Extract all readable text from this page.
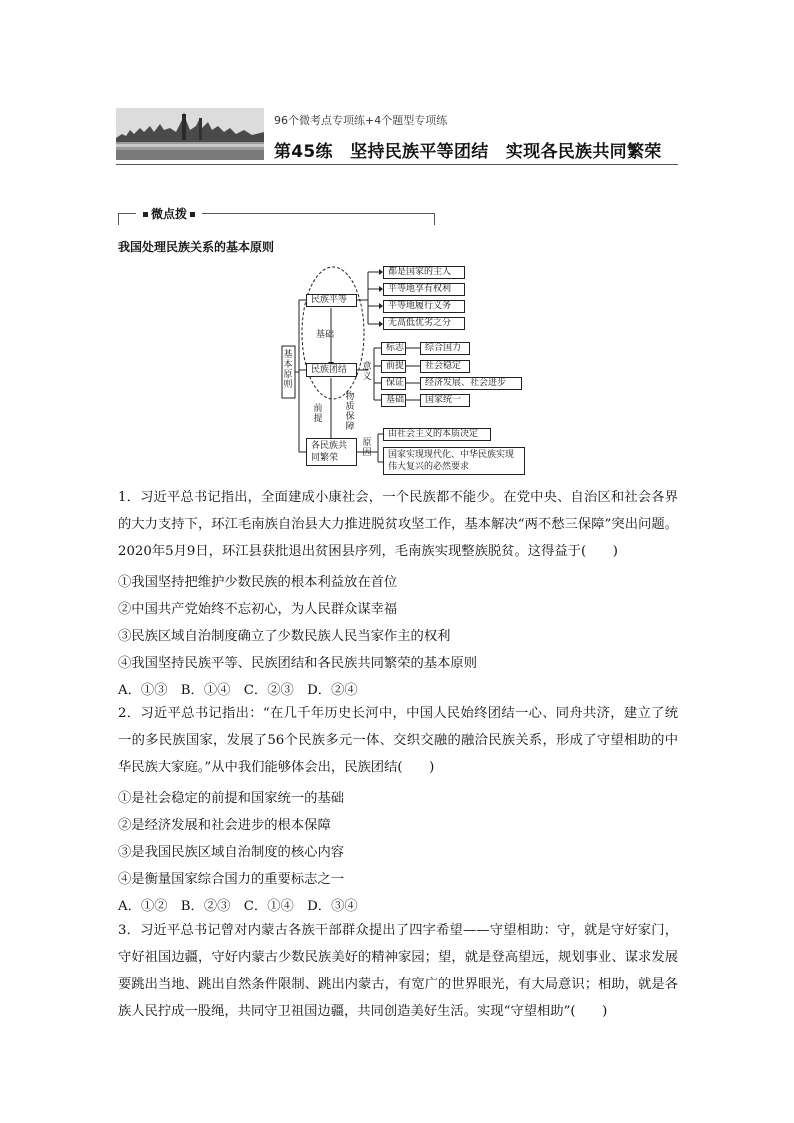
96个微考点专项练+4个题型专项练
第45练　坚持民族平等团结　实现各民族共同繁荣
微点拨
我国处理民族关系的基本原则
基本原则
民族平等
基础
民族团结
都是国家的主人
平等地享有权利
平等地履行义务
无高低优劣之分
意义
标志
前提
保证
基础
综合国力
社会稳定
经济发展、社会进步
国家统一
前提
物质保障
各民族共同繁荣
原因
由社会主义的本质决定
国家实现现代化、中华民族实现伟大复兴的必然要求
1．习近平总书记指出，全面建成小康社会，一个民族都不能少。在党中央、自治区和社会各界的大力支持下，环江毛南族自治县大力推进脱贫攻坚工作，基本解决“两不愁三保障”突出问题。2020年5月9日，环江县获批退出贫困县序列，毛南族实现整族脱贫。这得益于(　　)
①我国坚持把维护少数民族的根本利益放在首位
②中国共产党始终不忘初心，为人民群众谋幸福
③民族区域自治制度确立了少数民族人民当家作主的权利
④我国坚持民族平等、民族团结和各民族共同繁荣的基本原则
A．①③　B．①④　C．②③　D．②④
2．习近平总书记指出：“在几千年历史长河中，中国人民始终团结一心、同舟共济，建立了统一的多民族国家，发展了56个民族多元一体、交织交融的融洽民族关系，形成了守望相助的中华民族大家庭。”从中我们能够体会出，民族团结(　　)
①是社会稳定的前提和国家统一的基础
②是经济发展和社会进步的根本保障
③是我国民族区域自治制度的核心内容
④是衡量国家综合国力的重要标志之一
A．①②　B．②③　C．①④　D．③④
3．习近平总书记曾对内蒙古各族干部群众提出了四字希望——守望相助：守，就是守好家门，守好祖国边疆，守好内蒙古少数民族美好的精神家园；望，就是登高望远，规划事业、谋求发展要跳出当地、跳出自然条件限制、跳出内蒙古，有宽广的世界眼光，有大局意识；相助，就是各族人民拧成一股绳，共同守卫祖国边疆，共同创造美好生活。实现“守望相助”(　　)
